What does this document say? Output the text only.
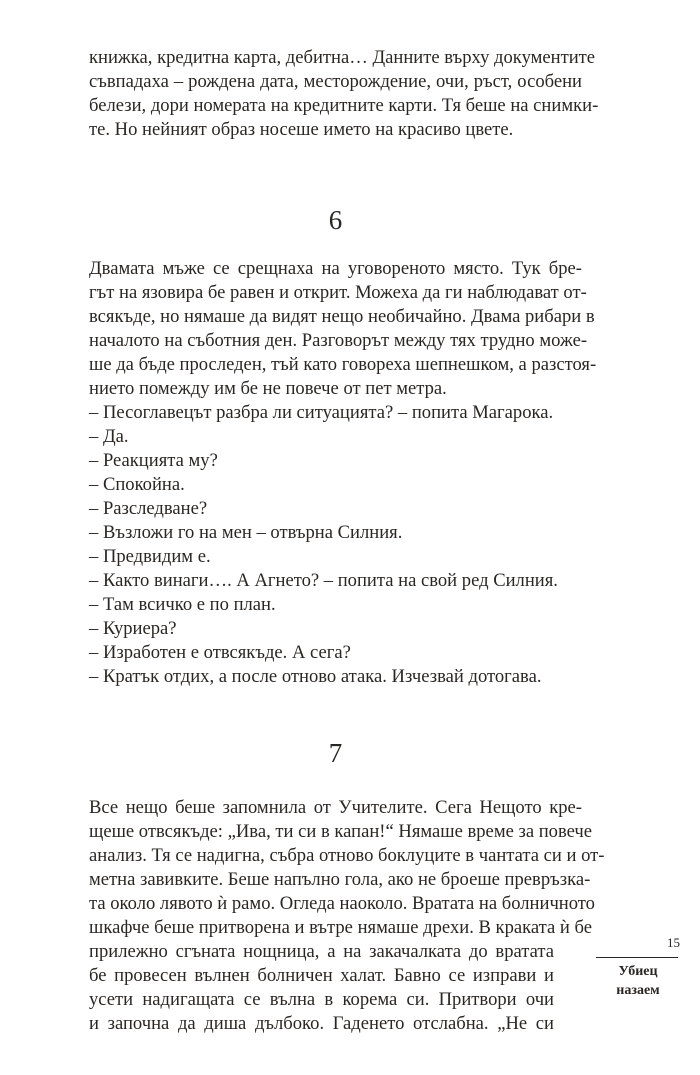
книжка, кредитна карта, дебитна… Данните върху документите
съвпадаха – рождена дата, месторождение, очи, ръст, особени
белези, дори номерата на кредитните карти. Тя беше на снимки-
те. Но нейният образ носеше името на красиво цвете.
6
Двамата мъже се срещнаха на уговореното място. Тук бре-
гът на язовира бе равен и открит. Можеха да ги наблюдават от-
всякъде, но нямаше да видят нещо необичайно. Двама рибари в
началото на съботния ден. Разговорът между тях трудно може-
ше да бъде проследен, тъй като говореха шепнешком, а разстоя-
нието помежду им бе не повече от пет метра.
– Песоглавецът разбра ли ситуацията? – попита Магарока.
– Да.
– Реакцията му?
– Спокойна.
– Разследване?
– Възложи го на мен – отвърна Силния.
– Предвидим е.
– Както винаги…. А Агнето? – попита на свой ред Силния.
– Там всичко е по план.
– Куриера?
– Изработен е отвсякъде. А сега?
– Кратък отдих, а после отново атака. Изчезвай дотогава.
7
Все нещо беше запомнила от Учителите. Сега Нещото кре-
щеше отвсякъде: „Ива, ти си в капан!“ Нямаше време за повече
анализ. Тя се надигна, събра отново боклуците в чантата си и от-
метна завивките. Беше напълно гола, ако не броеше превръзка-
та около лявото ѝ рамо. Огледа наоколо. Вратата на болничното
шкафче беше притворена и вътре нямаше дрехи. В краката ѝ бе
прилежно сгъната нощница, а на закачалката до вратата
бе провесен вълнен болничен халат. Бавно се изправи и
усети надигащата се вълна в корема си. Притвори очи
и започна да диша дълбоко. Гаденето отслабна. „Не си
15
Убиец
назаем
